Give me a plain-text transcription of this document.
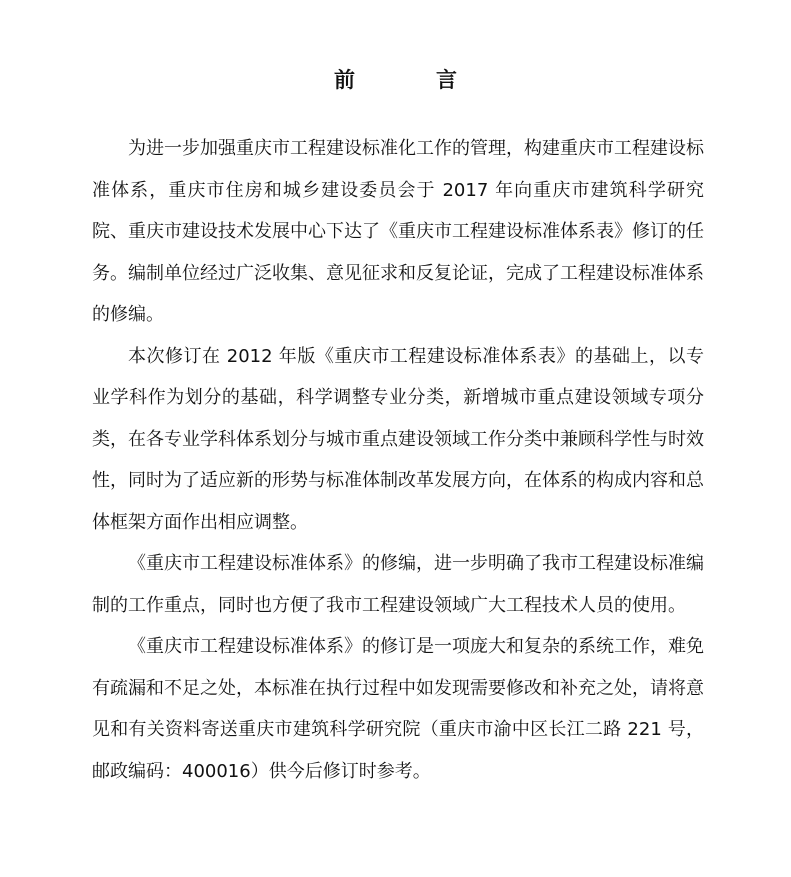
前　言

为进一步加强重庆市工程建设标准化工作的管理，构建重庆市工程建设标准体系，重庆市住房和城乡建设委员会于 2017 年向重庆市建筑科学研究院、重庆市建设技术发展中心下达了《重庆市工程建设标准体系表》修订的任务。编制单位经过广泛收集、意见征求和反复论证，完成了工程建设标准体系的修编。

本次修订在 2012 年版《重庆市工程建设标准体系表》的基础上，以专业学科作为划分的基础，科学调整专业分类，新增城市重点建设领域专项分类，在各专业学科体系划分与城市重点建设领域工作分类中兼顾科学性与时效性，同时为了适应新的形势与标准体制改革发展方向，在体系的构成内容和总体框架方面作出相应调整。

《重庆市工程建设标准体系》的修编，进一步明确了我市工程建设标准编制的工作重点，同时也方便了我市工程建设领域广大工程技术人员的使用。

《重庆市工程建设标准体系》的修订是一项庞大和复杂的系统工作，难免有疏漏和不足之处，本标准在执行过程中如发现需要修改和补充之处，请将意见和有关资料寄送重庆市建筑科学研究院（重庆市渝中区长江二路 221 号，邮政编码：400016）供今后修订时参考。
